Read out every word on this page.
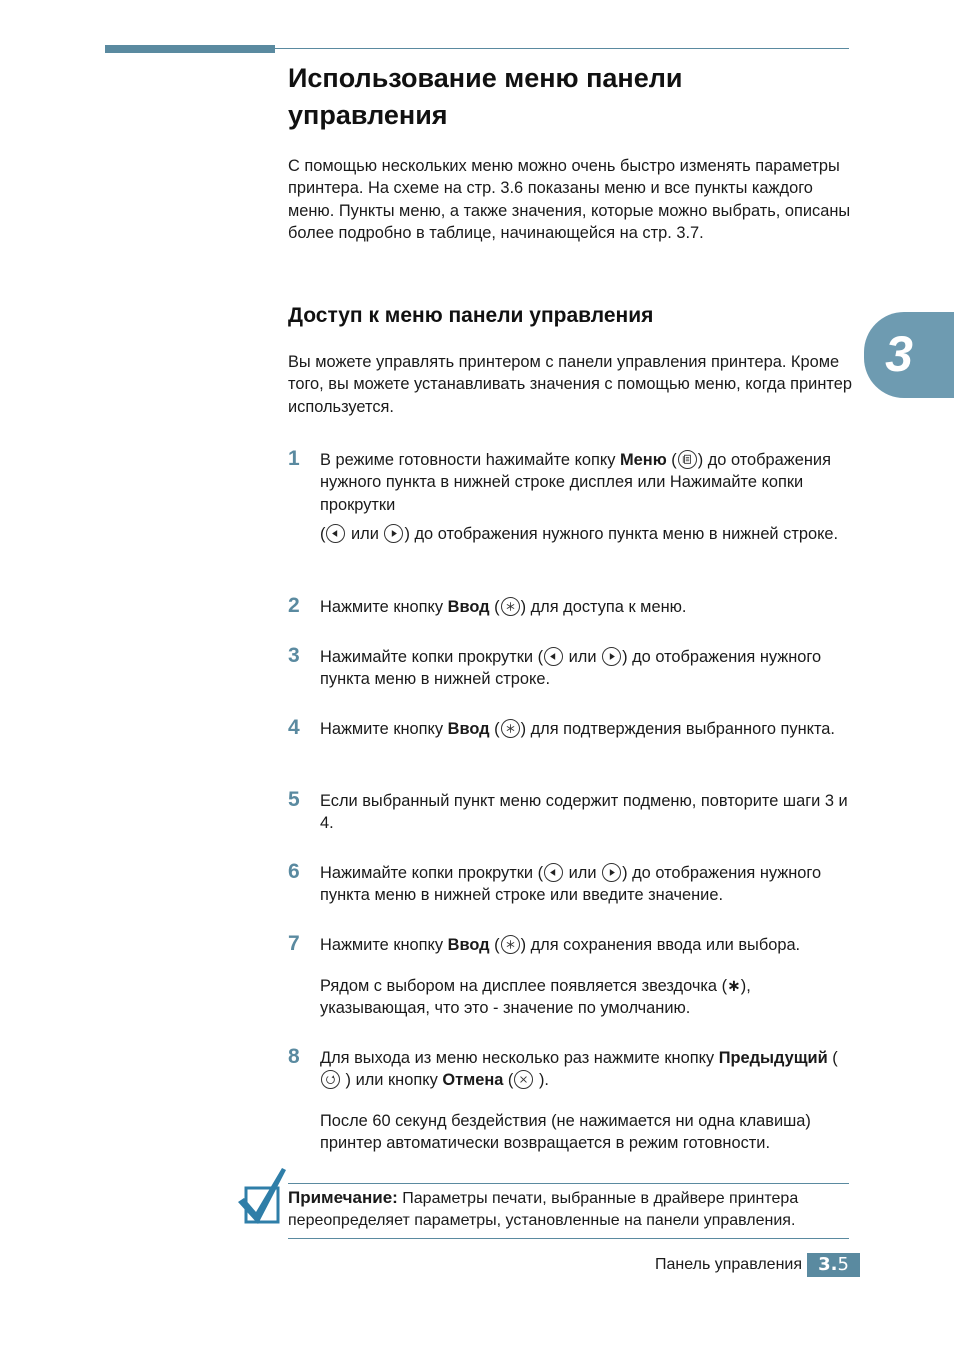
Использование меню панели управления
С помощью нескольких меню можно очень быстро изменять параметры принтера. На схеме на стр. 3.6 показаны меню и все пункты каждого меню. Пункты меню, а также значения, которые можно выбрать, описаны более подробно в таблице, начинающейся на стр. 3.7.
Доступ к меню панели управления
Вы можете управлять принтером с панели управления принтера. Кроме того, вы можете устанавливать значения с помощью меню, когда принтер используется.
3
1 В режиме готовности hажимайте копку Меню ( ) до отображения нужного пункта в нижней строке дисплея или Нажимайте копки прокрутки
(
или
) до отображения нужного пункта меню в нижней строке.
2 Нажмите кнопку Ввод ( ) для доступа к меню.
3 Нажимайте копки прокрутки (
или
) до отображения нужного пункта меню в нижней строке.
4 Нажмите кнопку Ввод ( ) для подтверждения выбранного пункта.
5 Если выбранный пункт меню содержит подменю, повторите шаги 3 и 4.
6 Нажимайте копки прокрутки (
или
) до отображения нужного пункта меню в нижней строке или введите значение.
7 Нажмите кнопку Ввод ( ) для сохранения ввода или выбора.
Рядом с выбором на дисплее появляется звездочка (∗), указывающая, что это - значение по умолчанию.
8 Для выхода из меню несколько раз нажмите кнопку Предыдущий (
) или кнопку Отмена (
).
После 60 секунд бездействия (не нажимается ни одна клавиша) принтер автоматически возвращается в режим готовности.
Примечание: Параметры печати, выбранные в драйвере принтера переопределяет параметры, установленные на панели управления.
Панель управления 3.5
